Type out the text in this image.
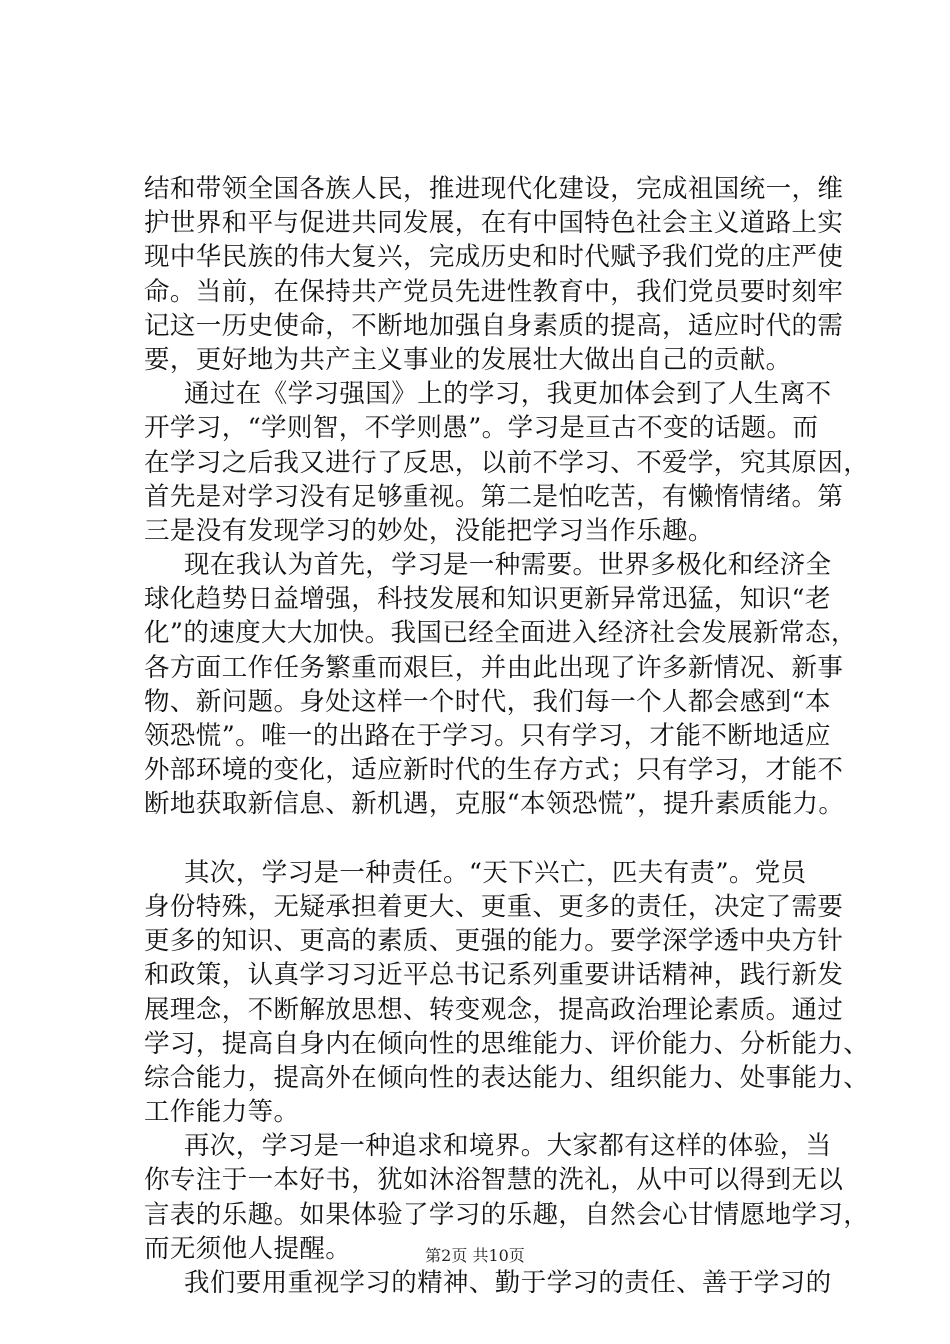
结和带领全国各族人民，推进现代化建设，完成祖国统一，维
护世界和平与促进共同发展，在有中国特色社会主义道路上实
现中华民族的伟大复兴，完成历史和时代赋予我们党的庄严使
命。当前，在保持共产党员先进性教育中，我们党员要时刻牢
记这一历史使命，不断地加强自身素质的提高，适应时代的需
要，更好地为共产主义事业的发展壮大做出自己的贡献。
通过在《学习强国》上的学习，我更加体会到了人生离不
开学习，“学则智，不学则愚”。学习是亘古不变的话题。而
在学习之后我又进行了反思，以前不学习、不爱学，究其原因，
首先是对学习没有足够重视。第二是怕吃苦，有懒惰情绪。第
三是没有发现学习的妙处，没能把学习当作乐趣。
现在我认为首先，学习是一种需要。世界多极化和经济全
球化趋势日益增强，科技发展和知识更新异常迅猛，知识“老
化”的速度大大加快。我国已经全面进入经济社会发展新常态，
各方面工作任务繁重而艰巨，并由此出现了许多新情况、新事
物、新问题。身处这样一个时代，我们每一个人都会感到“本
领恐慌”。唯一的出路在于学习。只有学习，才能不断地适应
外部环境的变化，适应新时代的生存方式；只有学习，才能不
断地获取新信息、新机遇，克服“本领恐慌”，提升素质能力。
其次，学习是一种责任。“天下兴亡，匹夫有责”。党员
身份特殊，无疑承担着更大、更重、更多的责任，决定了需要
更多的知识、更高的素质、更强的能力。要学深学透中央方针
和政策，认真学习习近平总书记系列重要讲话精神，践行新发
展理念，不断解放思想、转变观念，提高政治理论素质。通过
学习，提高自身内在倾向性的思维能力、评价能力、分析能力、
综合能力，提高外在倾向性的表达能力、组织能力、处事能力、
工作能力等。
再次，学习是一种追求和境界。大家都有这样的体验，当
你专注于一本好书，犹如沐浴智慧的洗礼，从中可以得到无以
言表的乐趣。如果体验了学习的乐趣，自然会心甘情愿地学习，
而无须他人提醒。
我们要用重视学习的精神、勤于学习的责任、善于学习的
第2页 共10页
